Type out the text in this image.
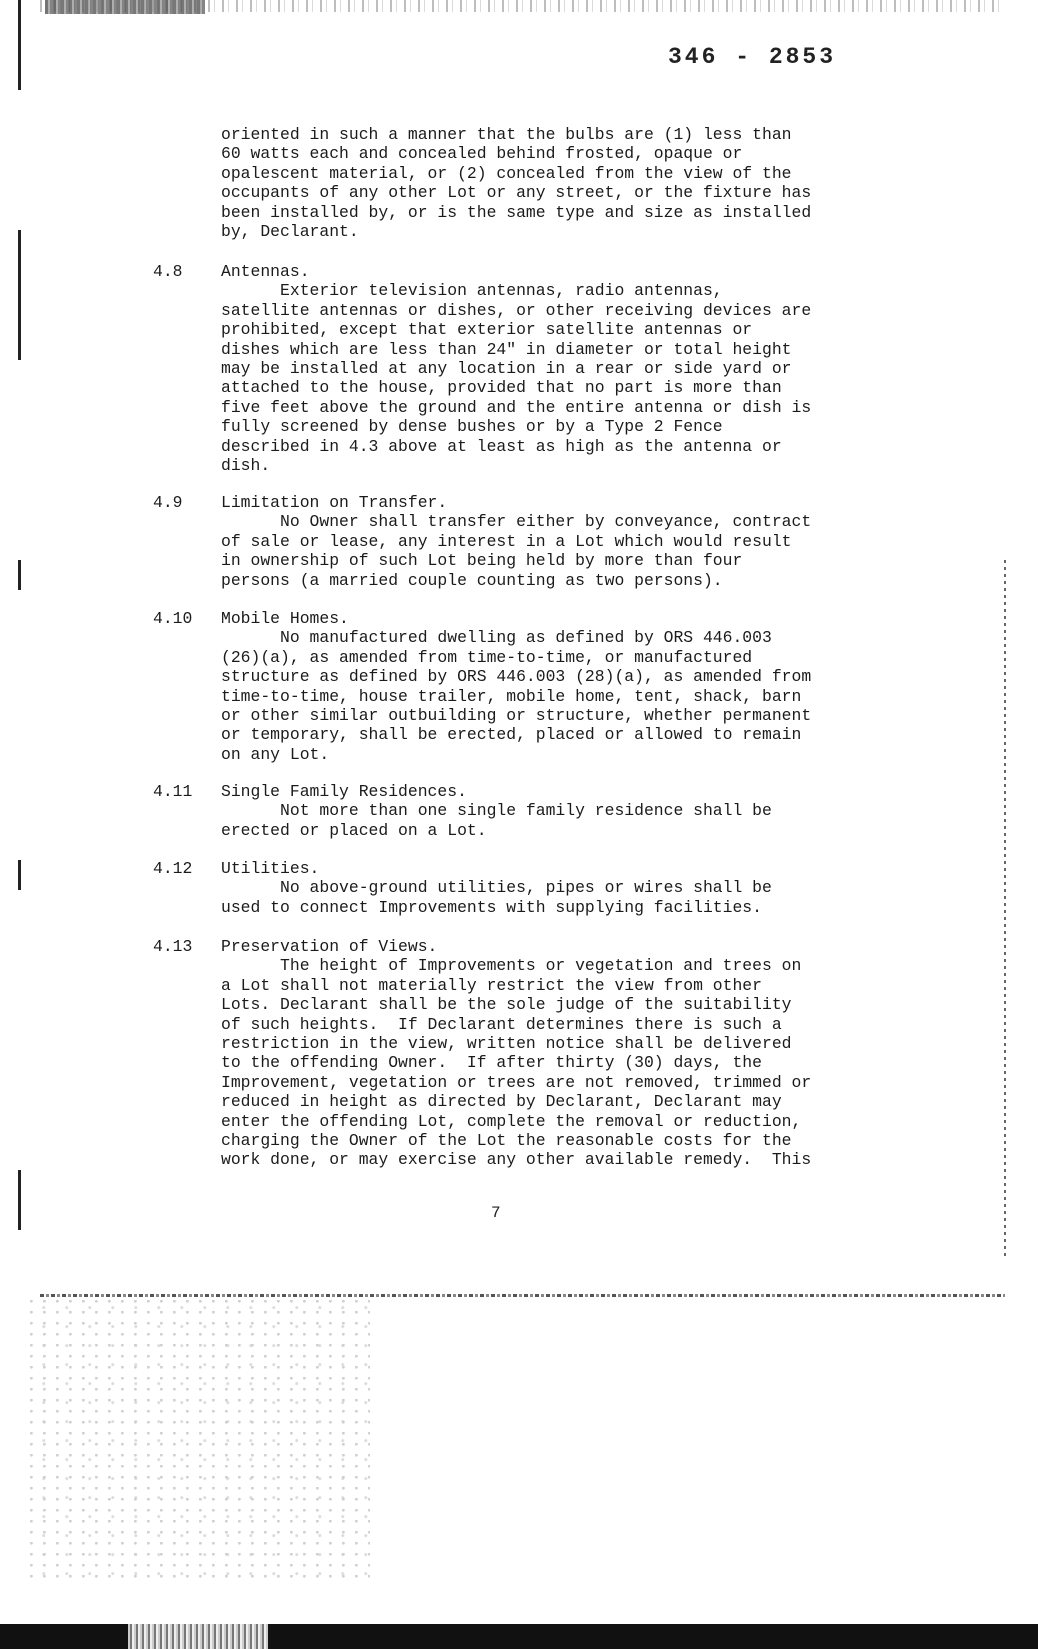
346 - 2853
oriented in such a manner that the bulbs are (1) less than
60 watts each and concealed behind frosted, opaque or
opalescent material, or (2) concealed from the view of the
occupants of any other Lot or any street, or the fixture has
been installed by, or is the same type and size as installed
by, Declarant.
4.8 Antennas.
Exterior television antennas, radio antennas,
satellite antennas or dishes, or other receiving devices are
prohibited, except that exterior satellite antennas or
dishes which are less than 24" in diameter or total height
may be installed at any location in a rear or side yard or
attached to the house, provided that no part is more than
five feet above the ground and the entire antenna or dish is
fully screened by dense bushes or by a Type 2 Fence
described in 4.3 above at least as high as the antenna or
dish.
4.9 Limitation on Transfer.
No Owner shall transfer either by conveyance, contract
of sale or lease, any interest in a Lot which would result
in ownership of such Lot being held by more than four
persons (a married couple counting as two persons).
4.10 Mobile Homes.
No manufactured dwelling as defined by ORS 446.003
(26)(a), as amended from time-to-time, or manufactured
structure as defined by ORS 446.003 (28)(a), as amended from
time-to-time, house trailer, mobile home, tent, shack, barn
or other similar outbuilding or structure, whether permanent
or temporary, shall be erected, placed or allowed to remain
on any Lot.
4.11 Single Family Residences.
Not more than one single family residence shall be
erected or placed on a Lot.
4.12 Utilities.
No above-ground utilities, pipes or wires shall be
used to connect Improvements with supplying facilities.
4.13 Preservation of Views.
The height of Improvements or vegetation and trees on
a Lot shall not materially restrict the view from other
Lots. Declarant shall be the sole judge of the suitability
of such heights.  If Declarant determines there is such a
restriction in the view, written notice shall be delivered
to the offending Owner.  If after thirty (30) days, the
Improvement, vegetation or trees are not removed, trimmed or
reduced in height as directed by Declarant, Declarant may
enter the offending Lot, complete the removal or reduction,
charging the Owner of the Lot the reasonable costs for the
work done, or may exercise any other available remedy.  This
7
